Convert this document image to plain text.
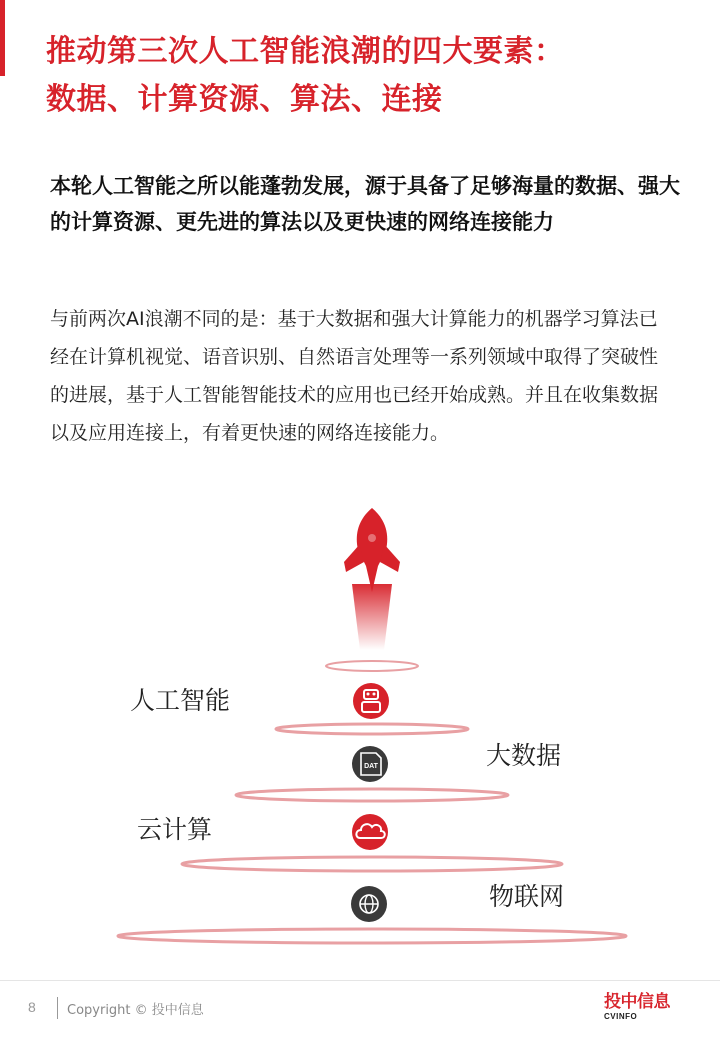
推动第三次人工智能浪潮的四大要素：
数据、计算资源、算法、连接

本轮人工智能之所以能蓬勃发展，源于具备了足够海量的数据、强大的计算资源、更先进的算法以及更快速的网络连接能力

与前两次AI浪潮不同的是：基于大数据和强大计算能力的机器学习算法已经在计算机视觉、语音识别、自然语言处理等一系列领域中取得了突破性的进展，基于人工智能智能技术的应用也已经开始成熟。并且在收集数据以及应用连接上，有着更快速的网络连接能力。

DAT
人工智能
大数据
云计算
物联网
8 Copyright © 投中信息	投中信息
CVINFO
